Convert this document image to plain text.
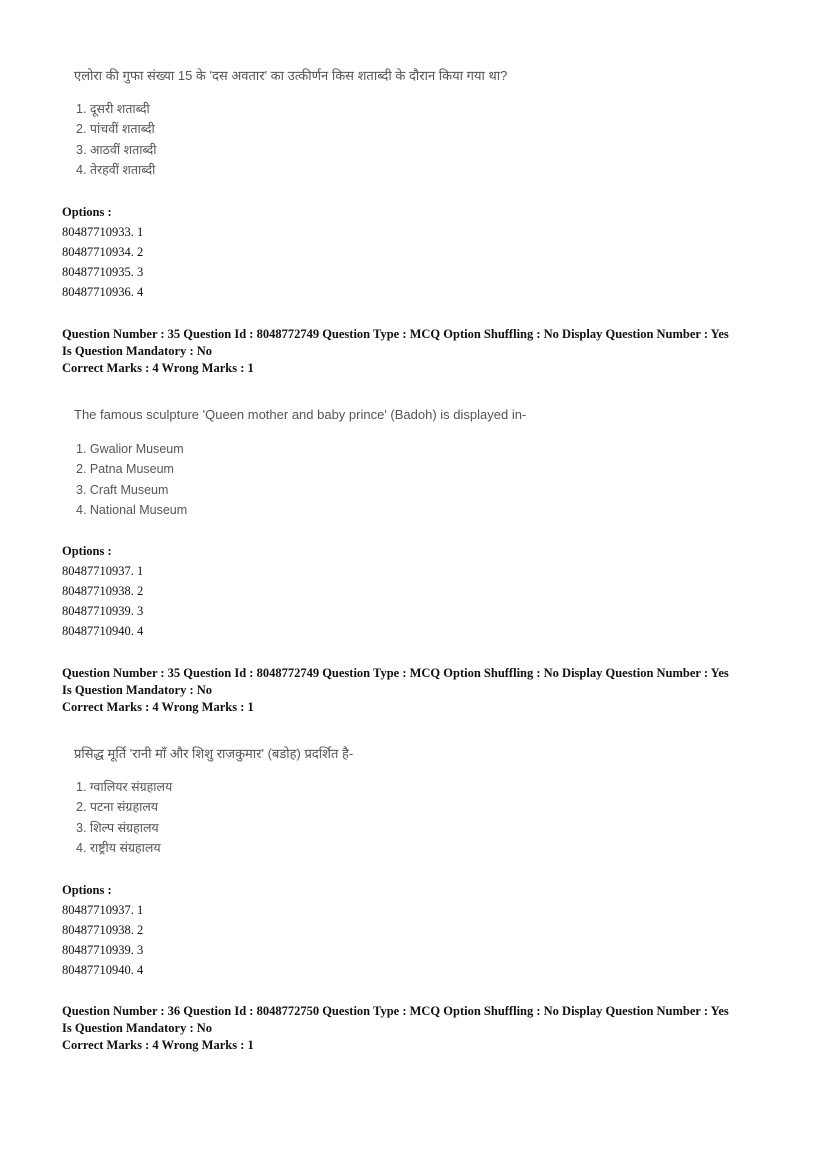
एलोरा की गुफा संख्या 15 के 'दस अवतार' का उत्कीर्णन किस शताब्दी के दौरान किया गया था?
1. दूसरी शताब्दी
2. पांचवीं शताब्दी
3. आठवीं शताब्दी
4. तेरहवीं शताब्दी
Options :
80487710933. 1
80487710934. 2
80487710935. 3
80487710936. 4
Question Number : 35 Question Id : 8048772749 Question Type : MCQ Option Shuffling : No Display Question Number : Yes
Is Question Mandatory : No
Correct Marks : 4 Wrong Marks : 1
The famous sculpture 'Queen mother and baby prince' (Badoh) is displayed in-
1. Gwalior Museum
2. Patna Museum
3. Craft Museum
4. National Museum
Options :
80487710937. 1
80487710938. 2
80487710939. 3
80487710940. 4
Question Number : 35 Question Id : 8048772749 Question Type : MCQ Option Shuffling : No Display Question Number : Yes
Is Question Mandatory : No
Correct Marks : 4 Wrong Marks : 1
प्रसिद्ध मूर्ति 'रानी माँ और शिशु राजकुमार' (बडोह) प्रदर्शित है-
1. ग्वालियर संग्रहालय
2. पटना संग्रहालय
3. शिल्प संग्रहालय
4. राष्ट्रीय संग्रहालय
Options :
80487710937. 1
80487710938. 2
80487710939. 3
80487710940. 4
Question Number : 36 Question Id : 8048772750 Question Type : MCQ Option Shuffling : No Display Question Number : Yes
Is Question Mandatory : No
Correct Marks : 4 Wrong Marks : 1
